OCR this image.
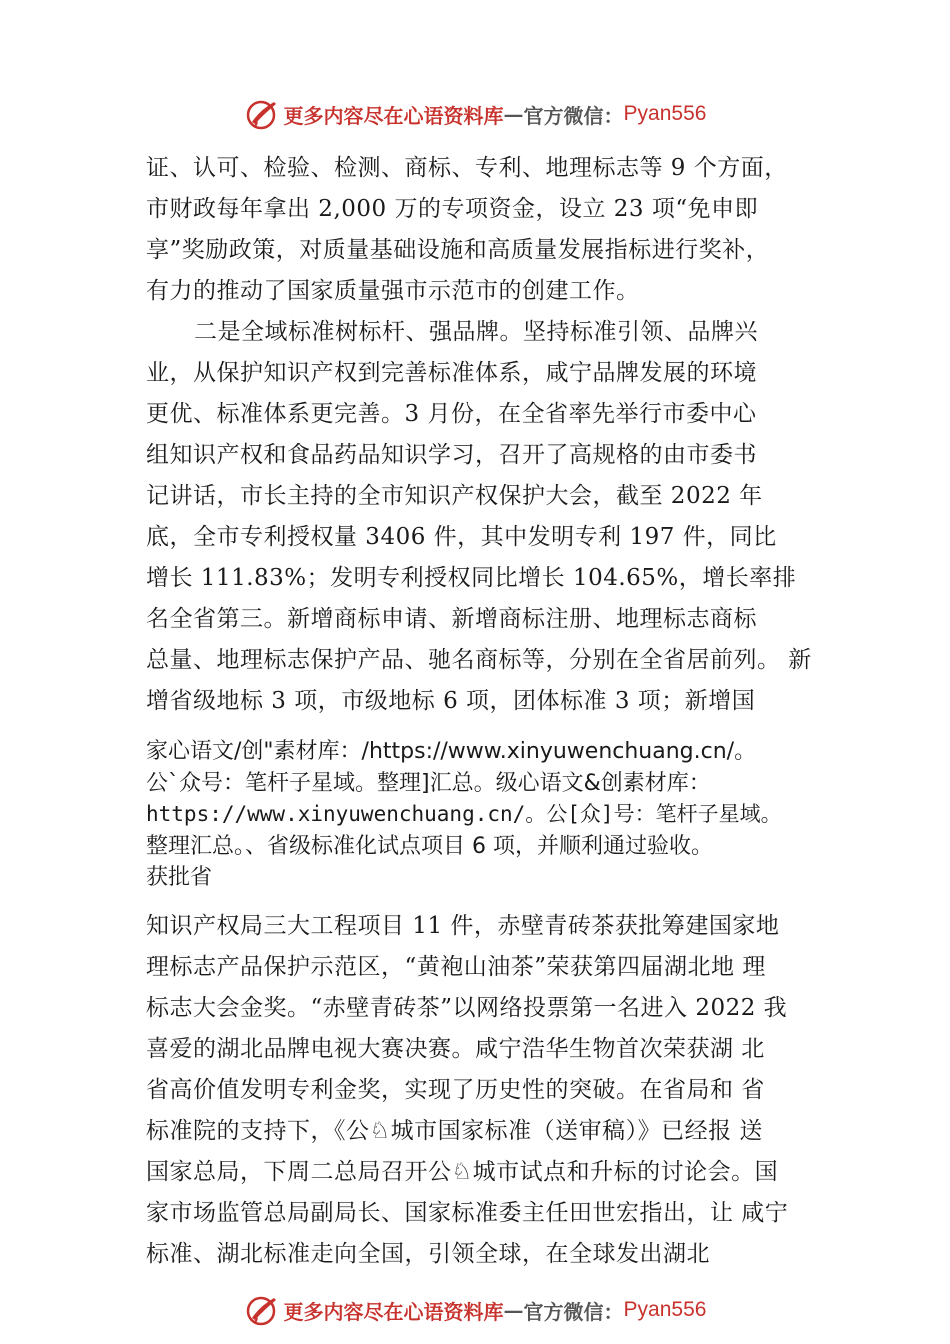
更多内容尽在心语资料库 — 官方微信： Pyan556
证、认可、检验、检测、商标、专利、地理标志等 9 个方面，
市财政每年拿出 2,000 万的专项资金，设立 23 项“免申即
享”奖励政策，对质量基础设施和高质量发展指标进行奖补，
有力的推动了国家质量强市示范市的创建工作。
二是全域标准树标杆、强品牌。坚持标准引领、品牌兴
业，从保护知识产权到完善标准体系，咸宁品牌发展的环境
更优、标准体系更完善。3 月份，在全省率先举行市委中心
组知识产权和食品药品知识学习，召开了高规格的由市委书
记讲话，市长主持的全市知识产权保护大会，截至 2022 年
底，全市专利授权量 3406 件，其中发明专利 197 件，同比
增长 111.83%；发明专利授权同比增长 104.65%，增长率排
名全省第三。新增商标申请、新增商标注册、地理标志商标
总量、地理标志保护产品、驰名商标等，分别在全省居前列。 新
增省级地标 3 项，市级地标 6 项，团体标准 3 项；新增国
家心语文/创"素材库：/https://www.xinyuwenchuang.cn/。
公`众号：笔杆子星域。整理]汇总。级心语文&创素材库：
https://www.xinyuwenchuang.cn/。公[众]号：笔杆子星域。
整理汇总。、省级标准化试点项目 6 项，并顺利通过验收。
获批省
知识产权局三大工程项目 11 件，赤壁青砖茶获批筹建国家地
理标志产品保护示范区，“黄袍山油茶”荣获第四届湖北地 理
标志大会金奖。“赤壁青砖茶”以网络投票第一名进入 2022 我
喜爱的湖北品牌电视大赛决赛。咸宁浩华生物首次荣获湖 北
省高价值发明专利金奖，实现了历史性的突破。在省局和 省
标准院的支持下，《公♘城市国家标准（送审稿）》已经报 送
国家总局，下周二总局召开公♘城市试点和升标的讨论会。国
家市场监管总局副局长、国家标准委主任田世宏指出，让 咸宁
标准、湖北标准走向全国，引领全球，在全球发出湖北
更多内容尽在心语资料库 — 官方微信： Pyan556
